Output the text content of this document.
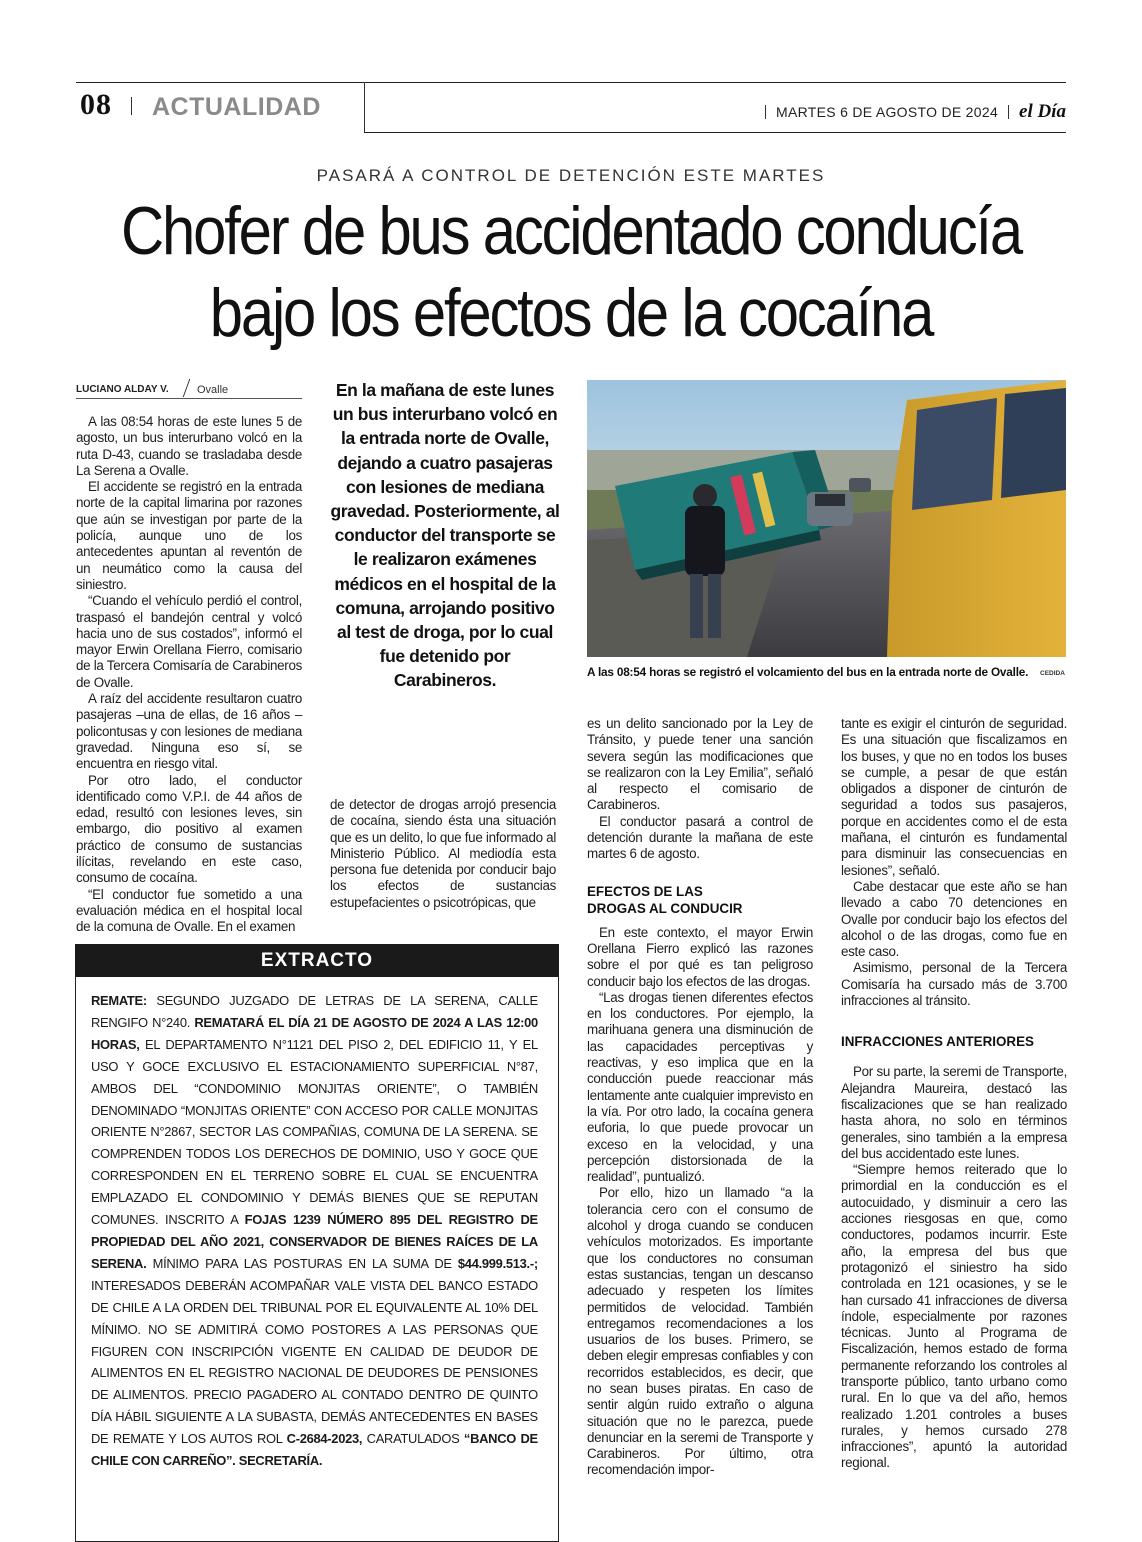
08 ACTUALIDAD	MARTES 6 DE AGOSTO DE 2024 el Día
PASARÁ A CONTROL DE DETENCIÓN ESTE MARTES
Chofer de bus accidentado conducía
bajo los efectos de la cocaína
LUCIANO ALDAY V.	Ovalle

A las 08:54 horas de este lunes 5 de agosto, un bus interurbano volcó en la ruta D-43, cuando se trasladaba desde La Serena a Ovalle.

El accidente se registró en la entrada norte de la capital limarina por razones que aún se investigan por parte de la policía, aunque uno de los antecedentes apuntan al reventón de un neumático como la causa del siniestro.

“Cuando el vehículo perdió el control, traspasó el bandejón central y volcó hacia uno de sus costados”, informó el mayor Erwin Orellana Fierro, comisario de la Tercera Comisaría de Carabineros de Ovalle.

A raíz del accidente resultaron cuatro pasajeras –una de ellas, de 16 años – policontusas y con lesiones de mediana gravedad. Ninguna eso sí, se encuentra en riesgo vital.

Por otro lado, el conductor identificado como V.P.I. de 44 años de edad, resultó con lesiones leves, sin embargo, dio positivo al examen práctico de consumo de sustancias ilícitas, revelando en este caso, consumo de cocaína.

“El conductor fue sometido a una evaluación médica en el hospital local de la comuna de Ovalle. En el examen

En la mañana de este lunes un bus interurbano volcó en la entrada norte de Ovalle, dejando a cuatro pasajeras con lesiones de mediana gravedad. Posteriormente, al conductor del transporte se le realizaron exámenes médicos en el hospital de la comuna, arrojando positivo al test de droga, por lo cual fue detenido por Carabineros.

de detector de drogas arrojó presencia de cocaína, siendo ésta una situación que es un delito, lo que fue informado al Ministerio Público. Al mediodía esta persona fue detenida por conducir bajo los efectos de sustancias estupefacientes o psicotrópicas, que

A las 08:54 horas se registró el volcamiento del bus en la entrada norte de Ovalle. CEDIDA

es un delito sancionado por la Ley de Tránsito, y puede tener una sanción severa según las modificaciones que se realizaron con la Ley Emilia”, señaló al respecto el comisario de Carabineros.

El conductor pasará a control de detención durante la mañana de este martes 6 de agosto.

EFECTOS DE LAS
DROGAS AL CONDUCIR

En este contexto, el mayor Erwin Orellana Fierro explicó las razones sobre el por qué es tan peligroso conducir bajo los efectos de las drogas.

“Las drogas tienen diferentes efectos en los conductores. Por ejemplo, la marihuana genera una disminución de las capacidades perceptivas y reactivas, y eso implica que en la conducción puede reaccionar más lentamente ante cualquier imprevisto en la vía. Por otro lado, la cocaína genera euforia, lo que puede provocar un exceso en la velocidad, y una percepción distorsionada de la realidad”, puntualizó.

Por ello, hizo un llamado “a la tolerancia cero con el consumo de alcohol y droga cuando se conducen vehículos motorizados. Es importante que los conductores no consuman estas sustancias, tengan un descanso adecuado y respeten los límites permitidos de velocidad. También entregamos recomendaciones a los usuarios de los buses. Primero, se deben elegir empresas confiables y con recorridos establecidos, es decir, que no sean buses piratas. En caso de sentir algún ruido extraño o alguna situación que no le parezca, puede denunciar en la seremi de Transporte y Carabineros. Por último, otra recomendación impor-

tante es exigir el cinturón de seguridad. Es una situación que fiscalizamos en los buses, y que no en todos los buses se cumple, a pesar de que están obligados a disponer de cinturón de seguridad a todos sus pasajeros, porque en accidentes como el de esta mañana, el cinturón es fundamental para disminuir las consecuencias en lesiones”, señaló.

Cabe destacar que este año se han llevado a cabo 70 detenciones en Ovalle por conducir bajo los efectos del alcohol o de las drogas, como fue en este caso.

Asimismo, personal de la Tercera Comisaría ha cursado más de 3.700 infracciones al tránsito.

INFRACCIONES ANTERIORES

Por su parte, la seremi de Transporte, Alejandra Maureira, destacó las fiscalizaciones que se han realizado hasta ahora, no solo en términos generales, sino también a la empresa del bus accidentado este lunes.

“Siempre hemos reiterado que lo primordial en la conducción es el autocuidado, y disminuir a cero las acciones riesgosas en que, como conductores, podamos incurrir. Este año, la empresa del bus que protagonizó el siniestro ha sido controlada en 121 ocasiones, y se le han cursado 41 infracciones de diversa índole, especialmente por razones técnicas. Junto al Programa de Fiscalización, hemos estado de forma permanente reforzando los controles al transporte público, tanto urbano como rural. En lo que va del año, hemos realizado 1.201 controles a buses rurales, y hemos cursado 278 infracciones”, apuntó la autoridad regional.

EXTRACTO
REMATE: SEGUNDO JUZGADO DE LETRAS DE LA SERENA, CALLE RENGIFO N°240. REMATARÁ EL DÍA 21 DE AGOSTO DE 2024 A LAS 12:00 HORAS, EL DEPARTAMENTO N°1121 DEL PISO 2, DEL EDIFICIO 11, Y EL USO Y GOCE EXCLUSIVO EL ESTACIONAMIENTO SUPERFICIAL N°87, AMBOS DEL “CONDOMINIO MONJITAS ORIENTE”, O TAMBIÉN DENOMINADO “MONJITAS ORIENTE” CON ACCESO POR CALLE MONJITAS ORIENTE N°2867, SECTOR LAS COMPAÑIAS, COMUNA DE LA SERENA. SE COMPRENDEN TODOS LOS DERECHOS DE DOMINIO, USO Y GOCE QUE CORRESPONDEN EN EL TERRENO SOBRE EL CUAL SE ENCUENTRA EMPLAZADO EL CONDOMINIO Y DEMÁS BIENES QUE SE REPUTAN COMUNES. INSCRITO A FOJAS 1239 NÚMERO 895 DEL REGISTRO DE PROPIEDAD DEL AÑO 2021, CONSERVADOR DE BIENES RAÍCES DE LA SERENA. MÍNIMO PARA LAS POSTURAS EN LA SUMA DE $44.999.513.-; INTERESADOS DEBERÁN ACOMPAÑAR VALE VISTA DEL BANCO ESTADO DE CHILE A LA ORDEN DEL TRIBUNAL POR EL EQUIVALENTE AL 10% DEL MÍNIMO. NO SE ADMITIRÁ COMO POSTORES A LAS PERSONAS QUE FIGUREN CON INSCRIPCIÓN VIGENTE EN CALIDAD DE DEUDOR DE ALIMENTOS EN EL REGISTRO NACIONAL DE DEUDORES DE PENSIONES DE ALIMENTOS. PRECIO PAGADERO AL CONTADO DENTRO DE QUINTO DÍA HÁBIL SIGUIENTE A LA SUBASTA, DEMÁS ANTECEDENTES EN BASES DE REMATE Y LOS AUTOS ROL C-2684-2023, CARATULADOS “BANCO DE CHILE CON CARREÑO”. SECRETARÍA.
